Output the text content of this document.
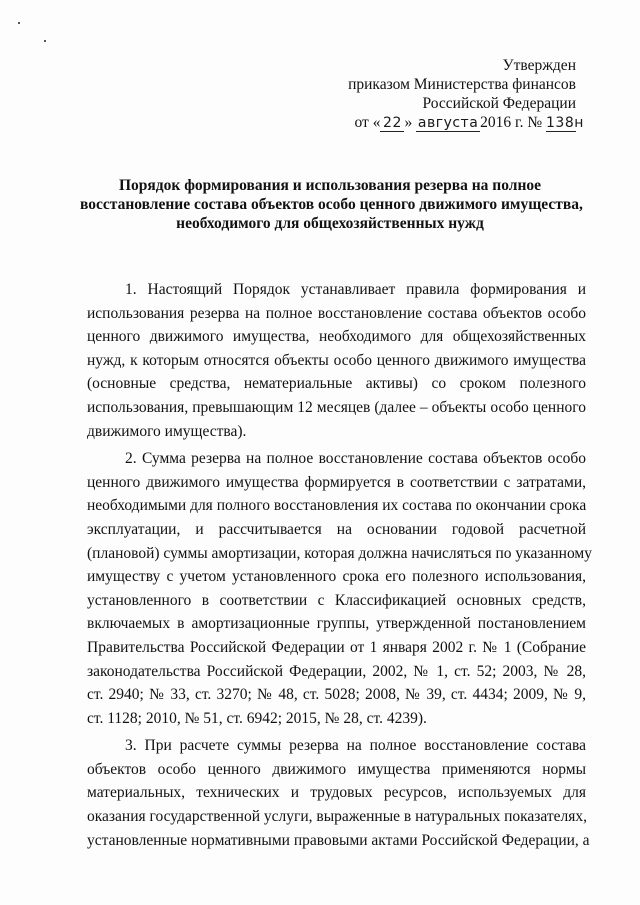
Утвержден
приказом Министерства финансов
Российской Федерации
от « 22 » августа 2016 г. № 138н
Порядок формирования и использования резерва на полное
восстановление состава объектов особо ценного движимого имущества,
необходимого для общехозяйственных нужд
1. Настоящий Порядок устанавливает правила формирования и
использования резерва на полное восстановление состава объектов особо
ценного движимого имущества, необходимого для общехозяйственных
нужд, к которым относятся объекты особо ценного движимого имущества
(основные средства, нематериальные активы) со сроком полезного
использования, превышающим 12 месяцев (далее – объекты особо ценного
движимого имущества).
2. Сумма резерва на полное восстановление состава объектов особо
ценного движимого имущества формируется в соответствии с затратами,
необходимыми для полного восстановления их состава по окончании срока
эксплуатации, и рассчитывается на основании годовой расчетной
(плановой) суммы амортизации, которая должна начисляться по указанному
имуществу с учетом установленного срока его полезного использования,
установленного в соответствии с Классификацией основных средств,
включаемых в амортизационные группы, утвержденной постановлением
Правительства Российской Федерации от 1 января 2002 г. № 1 (Собрание
законодательства Российской Федерации, 2002, № 1, ст. 52; 2003, № 28,
ст. 2940; № 33, ст. 3270; № 48, ст. 5028; 2008, № 39, ст. 4434; 2009, № 9,
ст. 1128; 2010, № 51, ст. 6942; 2015, № 28, ст. 4239).
3. При расчете суммы резерва на полное восстановление состава
объектов особо ценного движимого имущества применяются нормы
материальных, технических и трудовых ресурсов, используемых для
оказания государственной услуги, выраженные в натуральных показателях,
установленные нормативными правовыми актами Российской Федерации, а
